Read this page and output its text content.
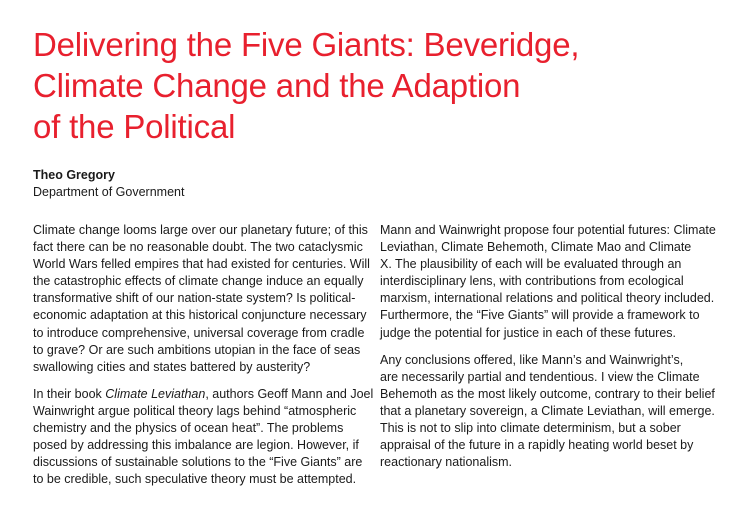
Delivering the Five Giants: Beveridge,
Climate Change and the Adaption
of the Political
Theo Gregory
Department of Government

Climate change looms large over our planetary future; of this
fact there can be no reasonable doubt. The two cataclysmic
World Wars felled empires that had existed for centuries. Will
the catastrophic effects of climate change induce an equally
transformative shift of our nation-state system? Is political-
economic adaptation at this historical conjuncture necessary
to introduce comprehensive, universal coverage from cradle
to grave? Or are such ambitions utopian in the face of seas
swallowing cities and states battered by austerity?

In their book Climate Leviathan, authors Geoff Mann and Joel
Wainwright argue political theory lags behind “atmospheric
chemistry and the physics of ocean heat”. The problems
posed by addressing this imbalance are legion. However, if
discussions of sustainable solutions to the “Five Giants” are
to be credible, such speculative theory must be attempted.

Mann and Wainwright propose four potential futures: Climate
Leviathan, Climate Behemoth, Climate Mao and Climate
X. The plausibility of each will be evaluated through an
interdisciplinary lens, with contributions from ecological
marxism, international relations and political theory included.
Furthermore, the “Five Giants” will provide a framework to
judge the potential for justice in each of these futures.

Any conclusions offered, like Mann’s and Wainwright’s,
are necessarily partial and tendentious. I view the Climate
Behemoth as the most likely outcome, contrary to their belief
that a planetary sovereign, a Climate Leviathan, will emerge.
This is not to slip into climate determinism, but a sober
appraisal of the future in a rapidly heating world beset by
reactionary nationalism.
